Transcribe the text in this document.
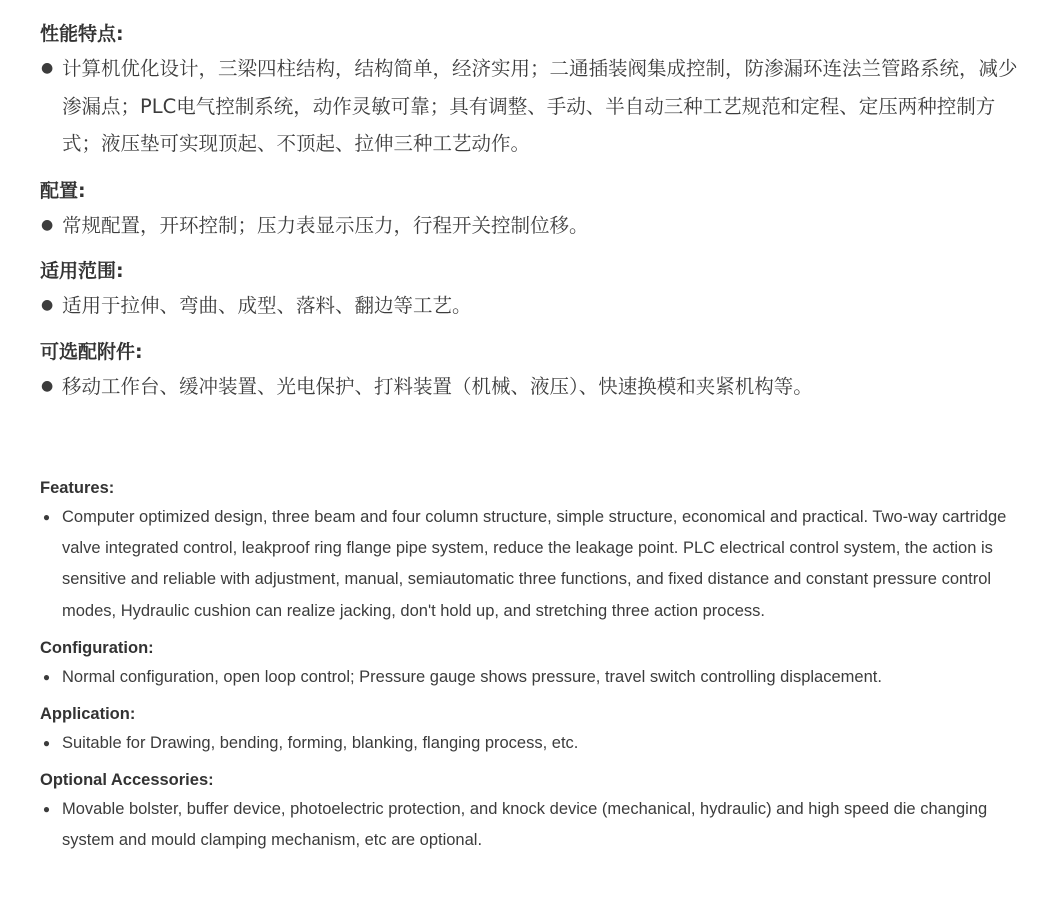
性能特点:

● 计算机优化设计，三梁四柱结构，结构简单，经济实用；二通插装阀集成控制，防渗漏环连法兰管路系统，减少渗漏点；PLC电气控制系统，动作灵敏可靠；具有调整、手动、半自动三种工艺规范和定程、定压两种控制方式；液压垫可实现顶起、不顶起、拉伸三种工艺动作。

配置:

● 常规配置，开环控制；压力表显示压力，行程开关控制位移。

适用范围:

● 适用于拉伸、弯曲、成型、落料、翻边等工艺。

可选配附件:

● 移动工作台、缓冲装置、光电保护、打料装置（机械、液压）、快速换模和夹紧机构等。

Features:

● Computer optimized design, three beam and four column structure, simple structure, economical and practical. Two-way cartridge valve integrated control, leakproof ring flange pipe system, reduce the leakage point. PLC electrical control system, the action is sensitive and reliable with adjustment, manual, semiautomatic three functions, and fixed distance and constant pressure control modes, Hydraulic cushion can realize jacking, don't hold up, and stretching three action process.

Configuration:

● Normal configuration, open loop control; Pressure gauge shows pressure, travel switch controlling displacement.

Application:

● Suitable for Drawing, bending, forming, blanking, flanging process, etc.

Optional Accessories:

● Movable bolster, buffer device, photoelectric protection, and knock device (mechanical, hydraulic) and high speed die changing system and mould clamping mechanism, etc are optional.
